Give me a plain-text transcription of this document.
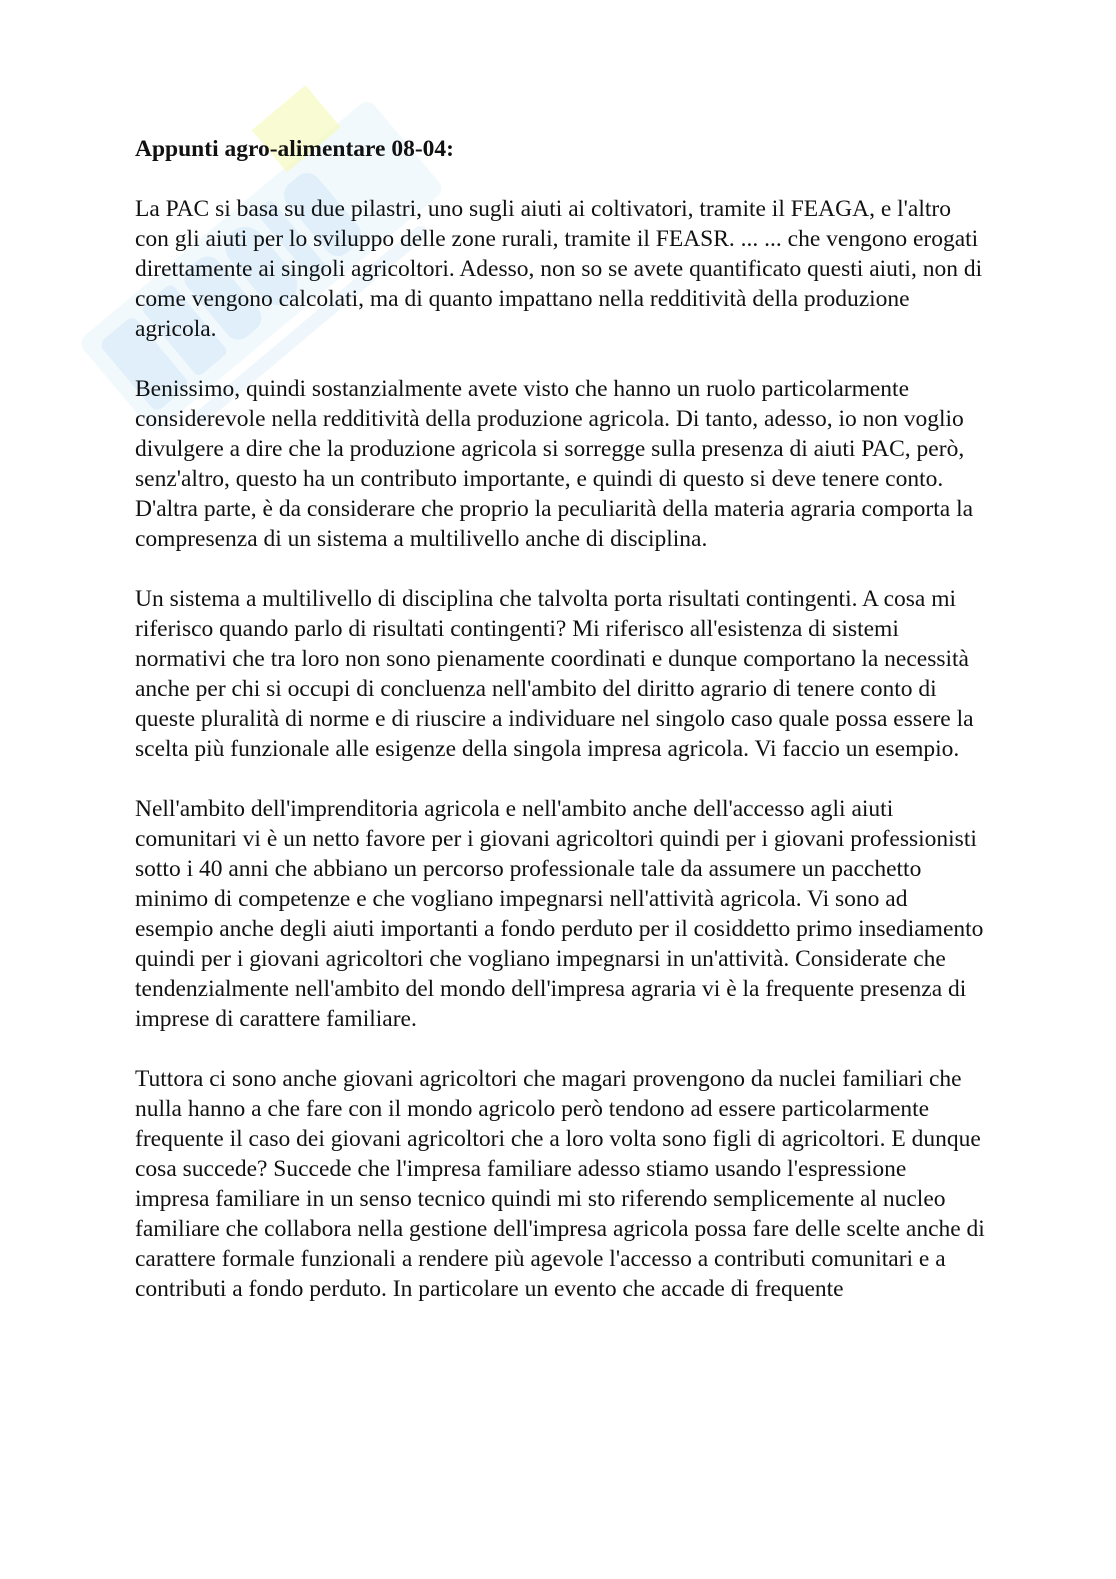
Appunti agro-alimentare 08-04:

La PAC si basa su due pilastri, uno sugli aiuti ai coltivatori, tramite il FEAGA, e l'altro con gli aiuti per lo sviluppo delle zone rurali, tramite il FEASR. ... ... che vengono erogati direttamente ai singoli agricoltori. Adesso, non so se avete quantificato questi aiuti, non di come vengono calcolati, ma di quanto impattano nella redditività della produzione agricola.

Benissimo, quindi sostanzialmente avete visto che hanno un ruolo particolarmente considerevole nella redditività della produzione agricola. Di tanto, adesso, io non voglio divulgere a dire che la produzione agricola si sorregge sulla presenza di aiuti PAC, però, senz'altro, questo ha un contributo importante, e quindi di questo si deve tenere conto. D'altra parte, è da considerare che proprio la peculiarità della materia agraria comporta la compresenza di un sistema a multilivello anche di disciplina.

Un sistema a multilivello di disciplina che talvolta porta risultati contingenti. A cosa mi riferisco quando parlo di risultati contingenti? Mi riferisco all'esistenza di sistemi normativi che tra loro non sono pienamente coordinati e dunque comportano la necessità anche per chi si occupi di concluenza nell'ambito del diritto agrario di tenere conto di queste pluralità di norme e di riuscire a individuare nel singolo caso quale possa essere la scelta più funzionale alle esigenze della singola impresa agricola. Vi faccio un esempio.

Nell'ambito dell'imprenditoria agricola e nell'ambito anche dell'accesso agli aiuti comunitari vi è un netto favore per i giovani agricoltori quindi per i giovani professionisti sotto i 40 anni che abbiano un percorso professionale tale da assumere un pacchetto minimo di competenze e che vogliano impegnarsi nell'attività agricola. Vi sono ad esempio anche degli aiuti importanti a fondo perduto per il cosiddetto primo insediamento quindi per i giovani agricoltori che vogliano impegnarsi in un'attività. Considerate che tendenzialmente nell'ambito del mondo dell'impresa agraria vi è la frequente presenza di imprese di carattere familiare.

Tuttora ci sono anche giovani agricoltori che magari provengono da nuclei familiari che nulla hanno a che fare con il mondo agricolo però tendono ad essere particolarmente frequente il caso dei giovani agricoltori che a loro volta sono figli di agricoltori. E dunque cosa succede? Succede che l'impresa familiare adesso stiamo usando l'espressione impresa familiare in un senso tecnico quindi mi sto riferendo semplicemente al nucleo familiare che collabora nella gestione dell'impresa agricola possa fare delle scelte anche di carattere formale funzionali a rendere più agevole l'accesso a contributi comunitari e a contributi a fondo perduto. In particolare un evento che accade di frequente
